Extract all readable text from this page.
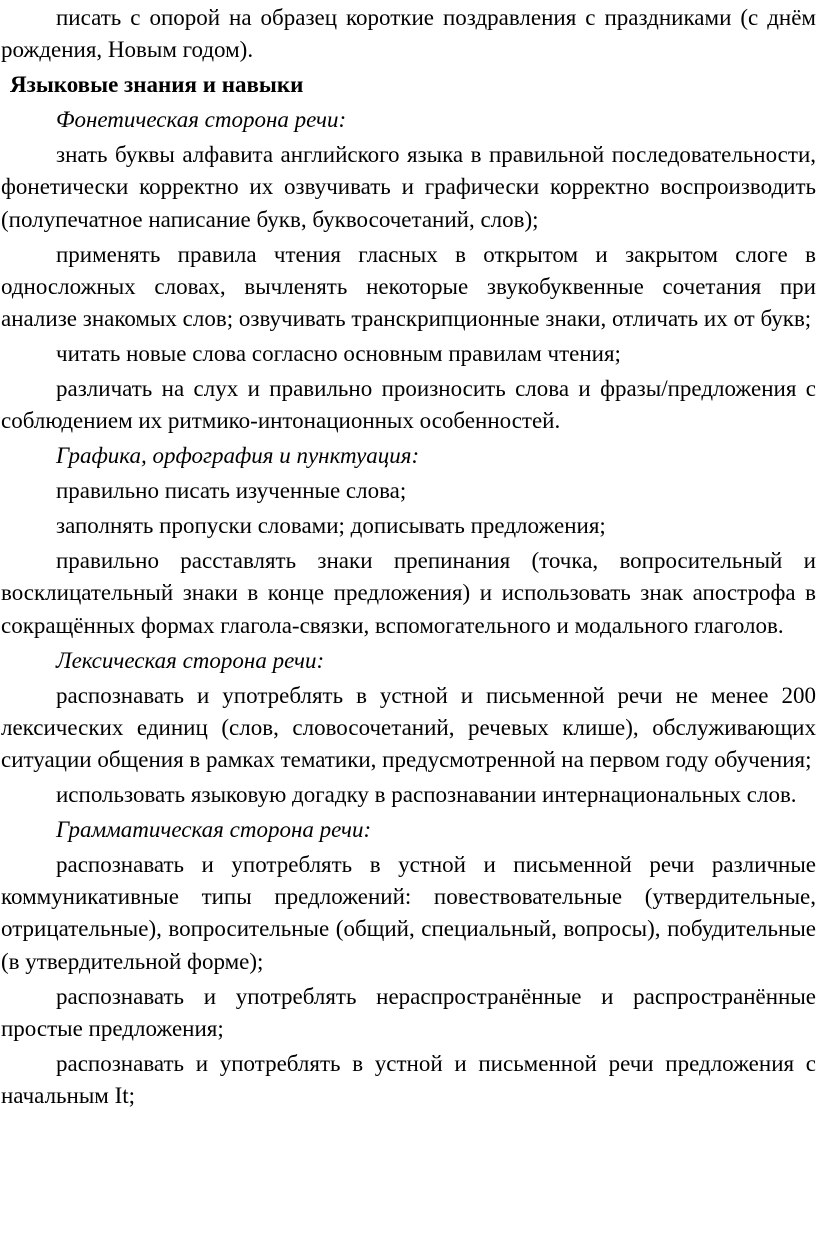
писать с опорой на образец короткие поздравления с праздниками (с днём рождения, Новым годом).

Языковые знания и навыки

Фонетическая сторона речи:

знать буквы алфавита английского языка в правильной последовательности, фонетически корректно их озвучивать и графически корректно воспроизводить (полупечатное написание букв, буквосочетаний, слов);

применять правила чтения гласных в открытом и закрытом слоге в односложных словах, вычленять некоторые звукобуквенные сочетания при анализе знакомых слов; озвучивать транскрипционные знаки, отличать их от букв;

читать новые слова согласно основным правилам чтения;

различать на слух и правильно произносить слова и фразы/предложения с соблюдением их ритмико-интонационных особенностей.

Графика, орфография и пунктуация:

правильно писать изученные слова;

заполнять пропуски словами; дописывать предложения;

правильно расставлять знаки препинания (точка, вопросительный и восклицательный знаки в конце предложения) и использовать знак апострофа в сокращённых формах глагола-связки, вспомогательного и модального глаголов.

Лексическая сторона речи:

распознавать и употреблять в устной и письменной речи не менее 200 лексических единиц (слов, словосочетаний, речевых клише), обслуживающих ситуации общения в рамках тематики, предусмотренной на первом году обучения;

использовать языковую догадку в распознавании интернациональных слов.

Грамматическая сторона речи:

распознавать и употреблять в устной и письменной речи различные коммуникативные типы предложений: повествовательные (утвердительные, отрицательные), вопросительные (общий, специальный, вопросы), побудительные (в утвердительной форме);

распознавать и употреблять нераспространённые и распространённые простые предложения;

распознавать и употреблять в устной и письменной речи предложения с начальным It;
